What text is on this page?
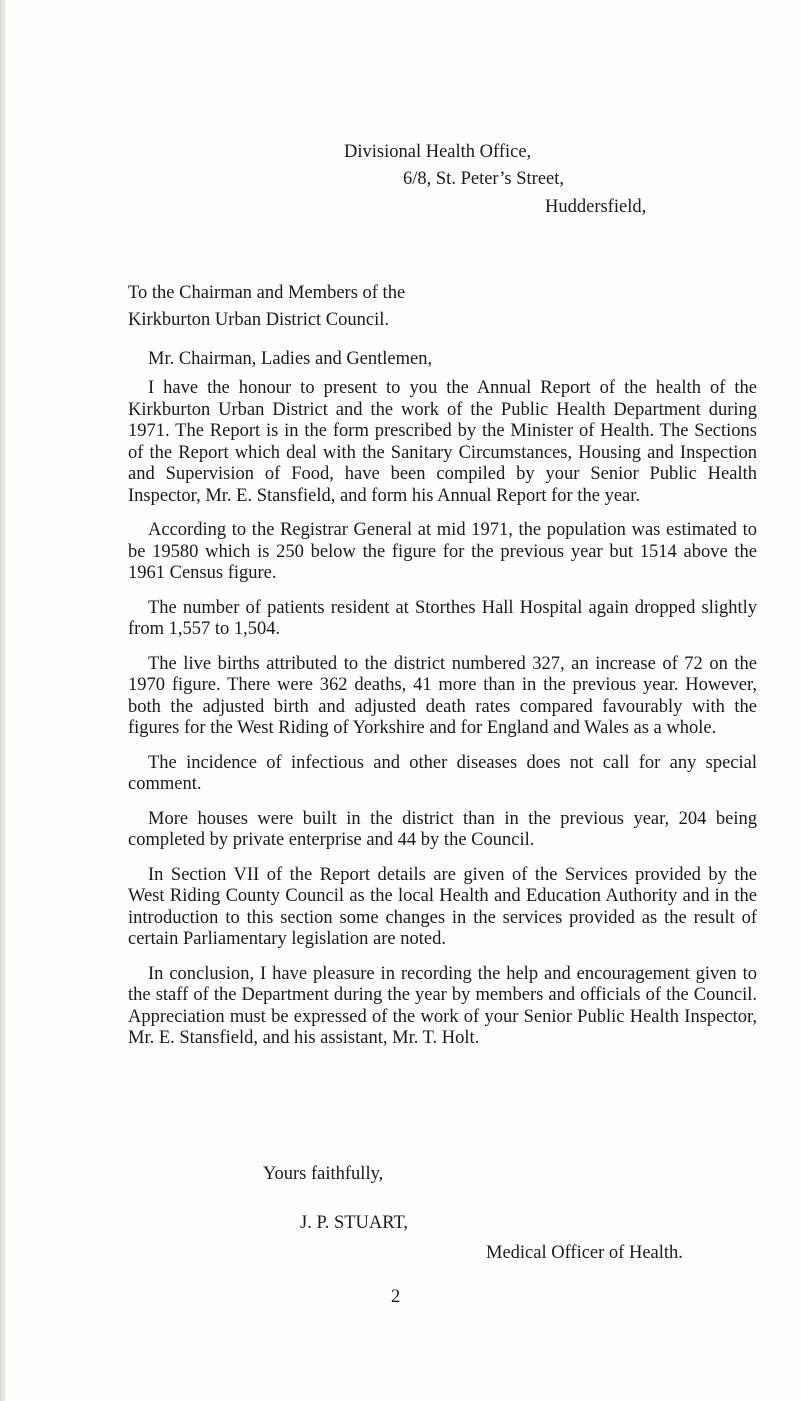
Divisional Health Office,
6/8, St. Peter’s Street,
Huddersfield,
To the Chairman and Members of the
Kirkburton Urban District Council.
Mr. Chairman, Ladies and Gentlemen,

I have the honour to present to you the Annual Report of the health of the Kirkburton Urban District and the work of the Public Health Department during 1971. The Report is in the form prescribed by the Minister of Health. The Sections of the Report which deal with the Sanitary Circumstances, Housing and Inspection and Supervision of Food, have been compiled by your Senior Public Health Inspector, Mr. E. Stansfield, and form his Annual Report for the year.

According to the Registrar General at mid 1971, the population was estimated to be 19580 which is 250 below the figure for the previous year but 1514 above the 1961 Census figure.

The number of patients resident at Storthes Hall Hospital again dropped slightly from 1,557 to 1,504.

The live births attributed to the district numbered 327, an increase of 72 on the 1970 figure. There were 362 deaths, 41 more than in the previous year. However, both the adjusted birth and adjusted death rates compared favourably with the figures for the West Riding of Yorkshire and for England and Wales as a whole.

The incidence of infectious and other diseases does not call for any special comment.

More houses were built in the district than in the previous year, 204 being completed by private enterprise and 44 by the Council.

In Section VII of the Report details are given of the Services provided by the West Riding County Council as the local Health and Education Authority and in the introduction to this section some changes in the services provided as the result of certain Parliamentary legislation are noted.

In conclusion, I have pleasure in recording the help and encouragement given to the staff of the Department during the year by members and officials of the Council. Appreciation must be expressed of the work of your Senior Public Health Inspector, Mr. E. Stansfield, and his assistant, Mr. T. Holt.

Yours faithfully,
J. P. STUART,
Medical Officer of Health.
2
